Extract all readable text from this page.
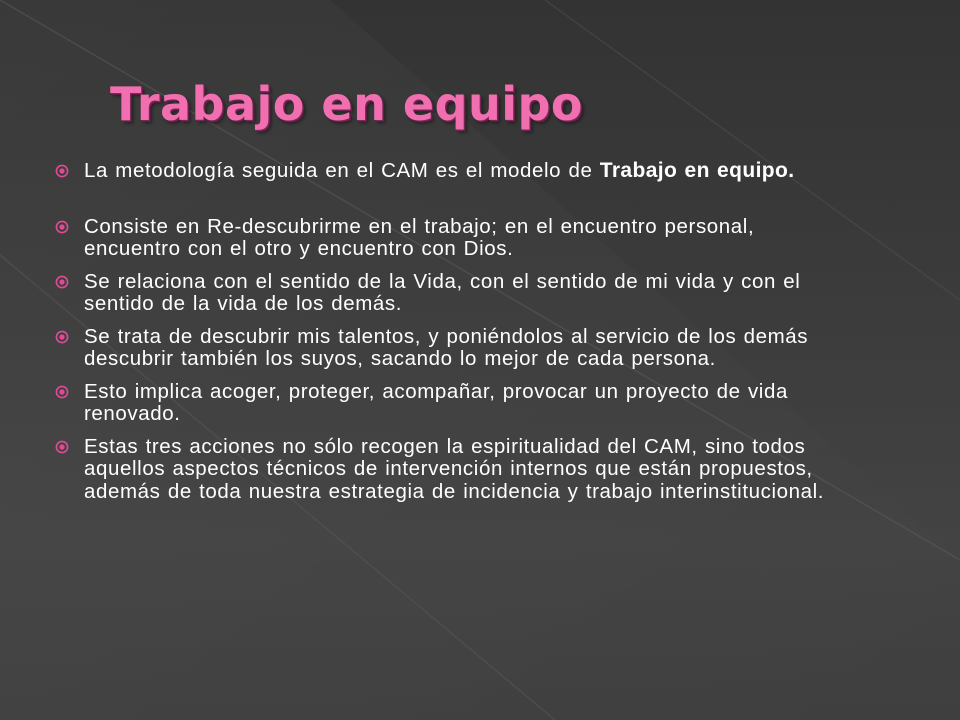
Trabajo en equipo
La metodología seguida en el CAM es el modelo de Trabajo en equipo.
Consiste en Re-descubrirme en el trabajo; en el encuentro personal, encuentro con el otro y encuentro con Dios.
Se relaciona con el sentido de la Vida, con el sentido de mi vida y con el sentido de la vida de los demás.
Se trata de descubrir mis talentos, y poniéndolos al servicio de los demás descubrir también los suyos, sacando lo mejor de cada persona.
Esto implica acoger, proteger, acompañar, provocar un proyecto de vida renovado.
Estas tres acciones no sólo recogen la espiritualidad del CAM, sino todos aquellos aspectos técnicos de intervención internos que están propuestos, además de toda nuestra estrategia de incidencia y trabajo interinstitucional.
